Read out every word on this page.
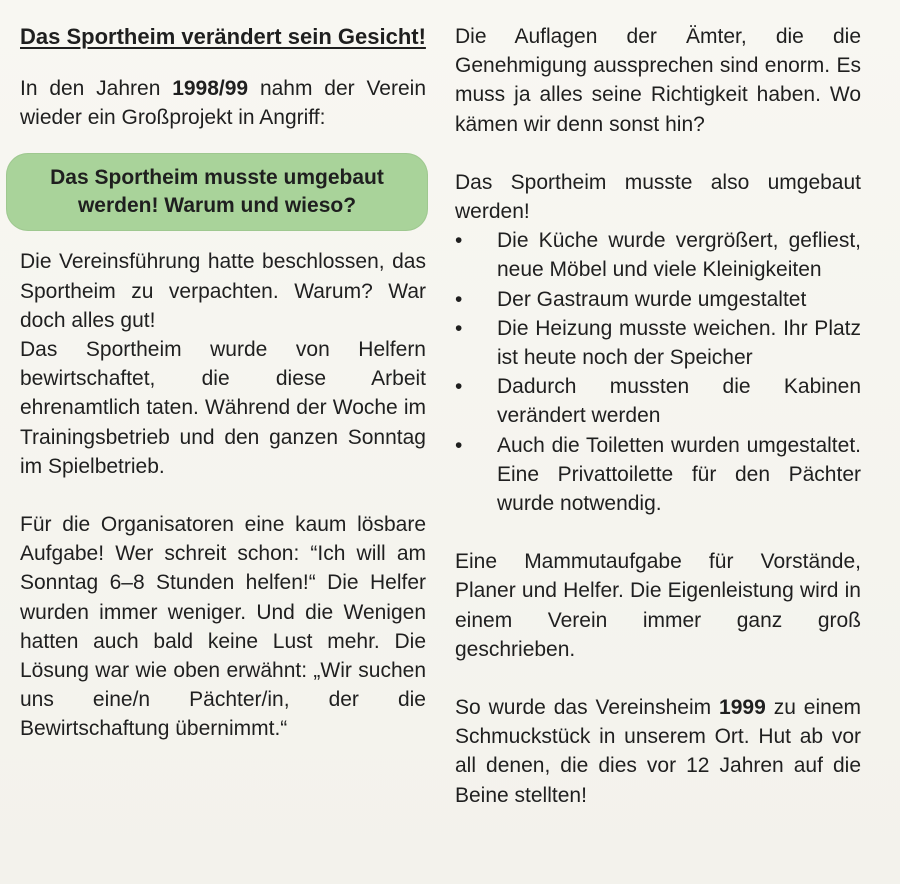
Das Sportheim verändert sein Gesicht!

In den Jahren 1998/99 nahm der Verein wieder ein Großprojekt in Angriff:

Das Sportheim musste umgebaut
werden! Warum und wieso?

Die Vereinsführung hatte beschlossen, das Sportheim zu verpachten. Warum? War doch alles gut!

Das Sportheim wurde von Helfern bewirtschaftet, die diese Arbeit ehrenamtlich taten. Während der Woche im Trainingsbetrieb und den ganzen Sonntag im Spielbetrieb.

Für die Organisatoren eine kaum lösbare Aufgabe! Wer schreit schon: “Ich will am Sonntag 6–8 Stunden helfen!“ Die Helfer wurden immer weniger. Und die Wenigen hatten auch bald keine Lust mehr. Die Lösung war wie oben erwähnt: „Wir suchen uns eine/n Pächter/in, der die Bewirtschaftung übernimmt.“

Die Auflagen der Ämter, die die Genehmigung aussprechen sind enorm. Es muss ja alles seine Richtigkeit haben. Wo kämen wir denn sonst hin?

Das Sportheim musste also umgebaut werden!

•	Die Küche wurde vergrößert, gefliest, neue Möbel und viele Kleinigkeiten
•	Der Gastraum wurde umgestaltet
•	Die Heizung musste weichen. Ihr Platz ist heute noch der Speicher
•	Dadurch mussten die Kabinen verändert werden
•	Auch die Toiletten wurden umgestaltet. Eine Privattoilette für den Pächter wurde notwendig.

Eine Mammutaufgabe für Vorstände, Planer und Helfer. Die Eigenleistung wird in einem Verein immer ganz groß geschrieben.

So wurde das Vereinsheim 1999 zu einem Schmuckstück in unserem Ort. Hut ab vor all denen, die dies vor 12 Jahren auf die Beine stellten!
